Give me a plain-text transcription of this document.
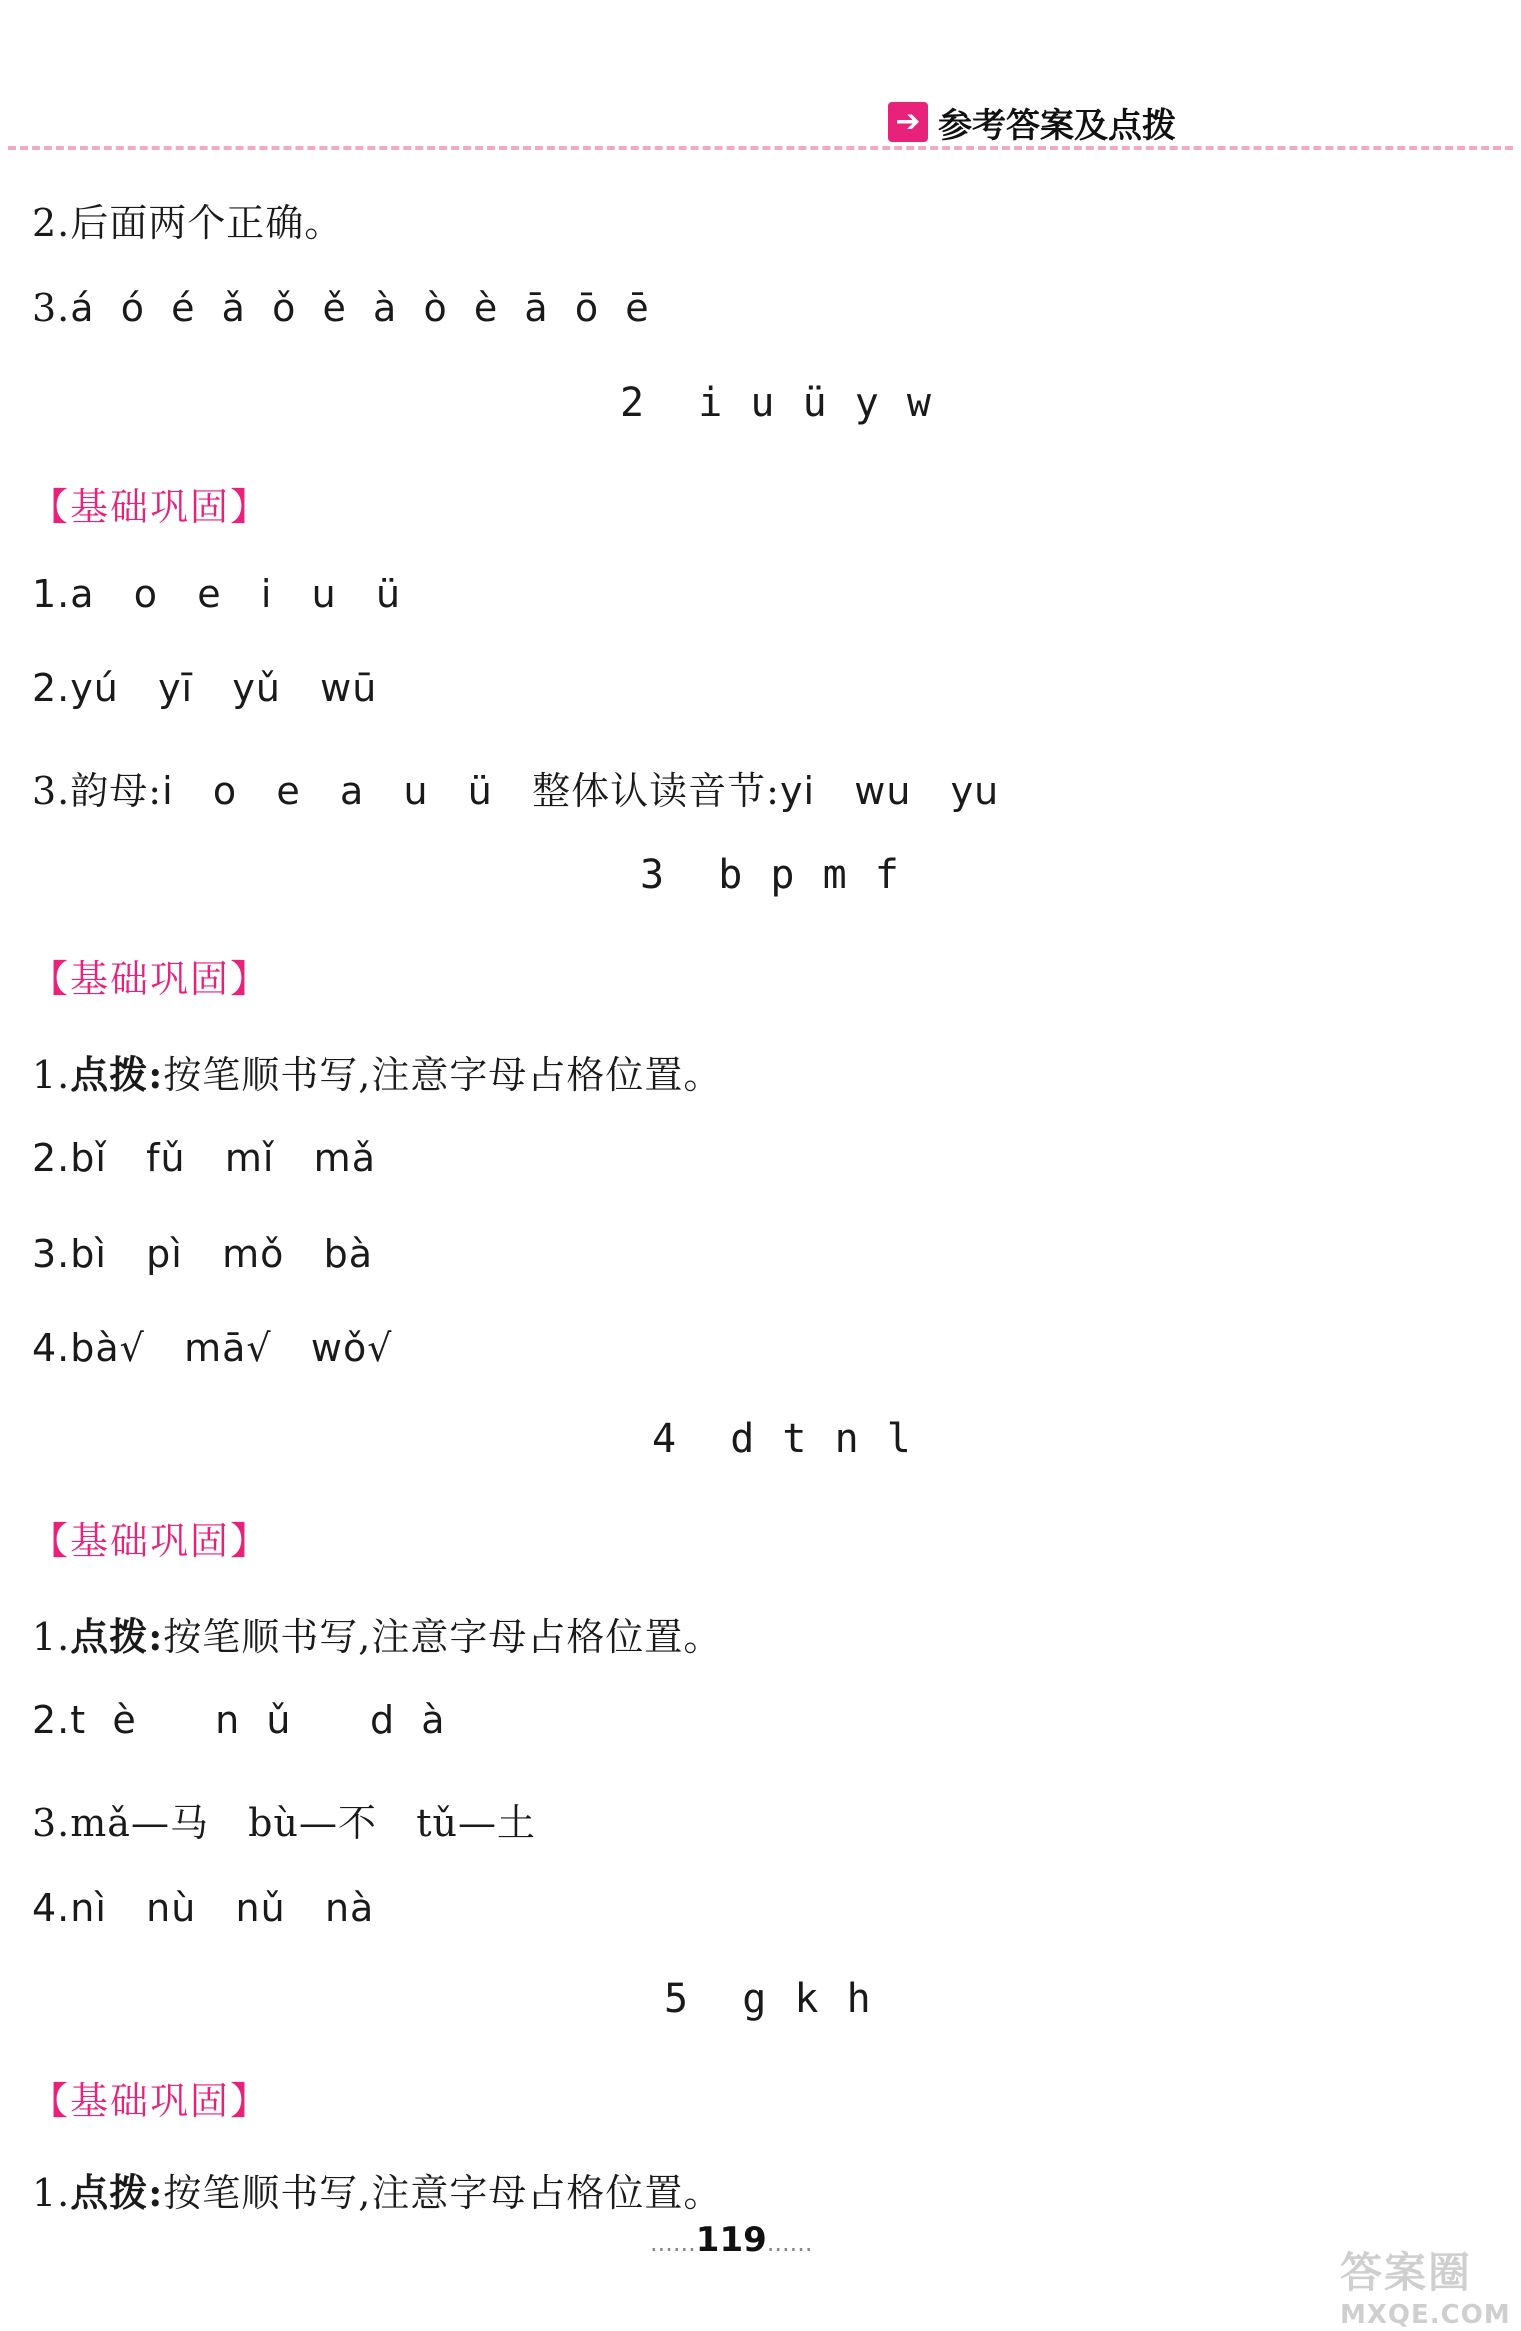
➔ 参考答案及点拨
2.后面两个正确。
3.á  ó  é  ǎ  ǒ  ě  à  ò  è  ā  ō  ē
2  i u ü y w
【基础巩固】
1.a   o   e   i   u   ü
2.yú   yī   yǔ   wū
3.韵母:i   o   e   a   u   ü 整体认读音节:yi   wu   yu
3  b p m f
【基础巩固】
1.点拨:按笔顺书写,注意字母占格位置。
2.bǐ   fǔ   mǐ   mǎ
3.bì   pì   mǒ   bà
4.bà√   mā√   wǒ√
4  d t n l
【基础巩固】
1.点拨:按笔顺书写,注意字母占格位置。
2.t  è      n  ǔ      d  à
3.mǎ—马   bù—不   tǔ—土
4.nì   nù   nǔ   nà
5  g k h
【基础巩固】
1.点拨:按笔顺书写,注意字母占格位置。
......119......
答案圈
MXQE.COM
